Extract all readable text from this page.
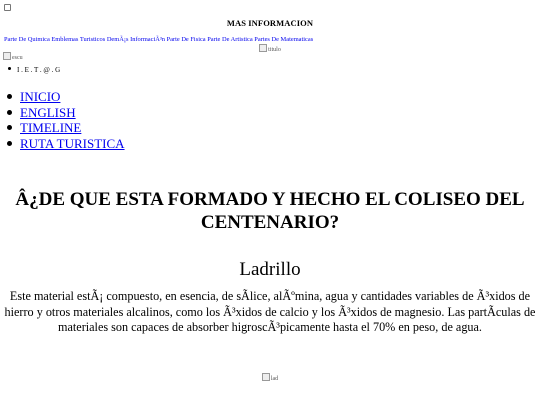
MAS INFORMACION
Parte De Quimica Emblemas Turisticos DemÃ¡s InformaciÃ³n Parte De Fisica Parte De Artistica Partes De Matematicas
titulo
escu
I . E . T . @ . G
INICIO
ENGLISH
TIMELINE
RUTA TURISTICA
Â¿DE QUE ESTA FORMADO Y HECHO EL COLISEO DEL CENTENARIO?
Ladrillo

Este material estÃ¡ compuesto, en esencia, de sÃlice, alÃºmina, agua y cantidades variables de Ã³xidos de hierro y otros materiales alcalinos, como los Ã³xidos de calcio y los Ã³xidos de magnesio. Las partÃculas de materiales son capaces de absorber higroscÃ³picamente hasta el 70% en peso, de agua.

lad
